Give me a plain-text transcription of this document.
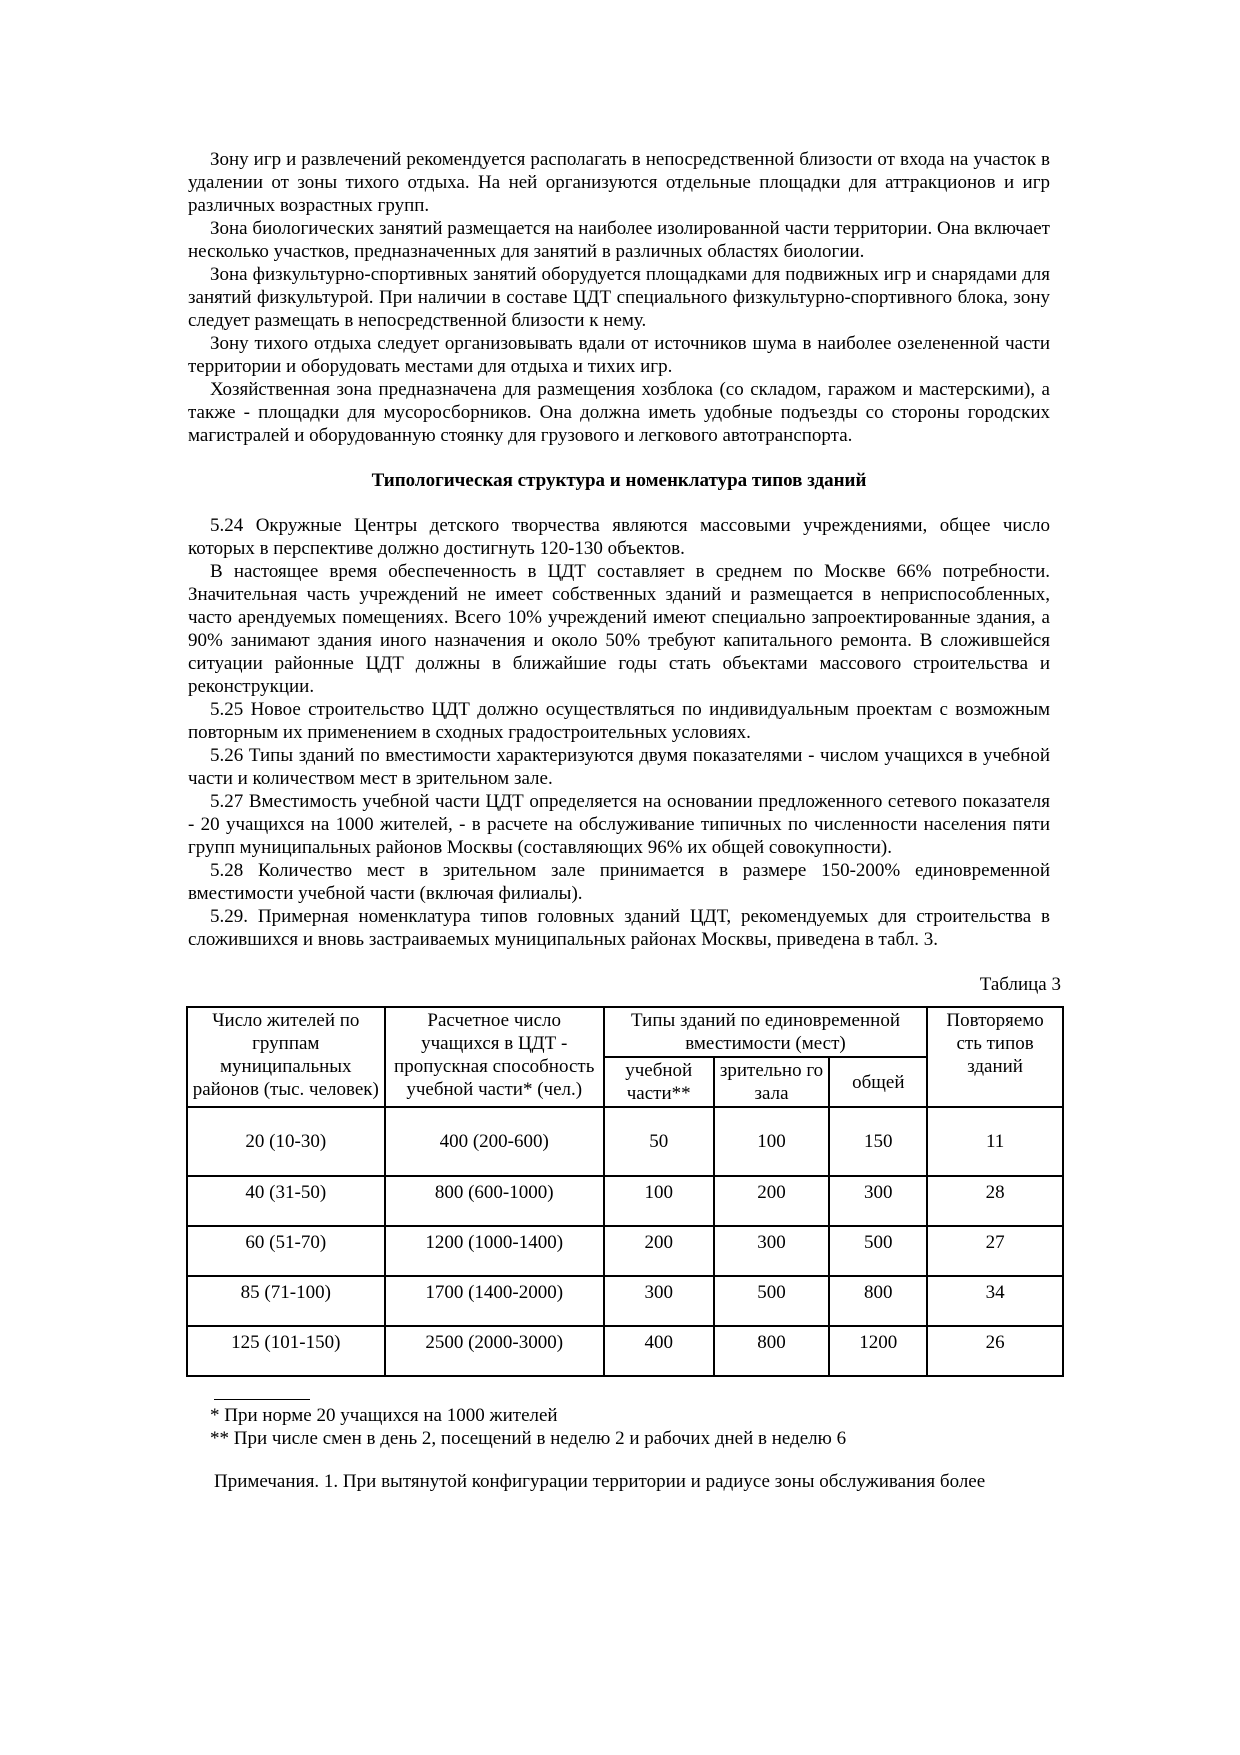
Зону игр и развлечений рекомендуется располагать в непосредственной близости от входа на участок в удалении от зоны тихого отдыха. На ней организуются отдельные площадки для аттракционов и игр различных возрастных групп.

Зона биологических занятий размещается на наиболее изолированной части территории. Она включает несколько участков, предназначенных для занятий в различных областях биологии.

Зона физкультурно-спортивных занятий оборудуется площадками для подвижных игр и снарядами для занятий физкультурой. При наличии в составе ЦДТ специального физкультурно-спортивного блока, зону следует размещать в непосредственной близости к нему.

Зону тихого отдыха следует организовывать вдали от источников шума в наиболее озелененной части территории и оборудовать местами для отдыха и тихих игр.

Хозяйственная зона предназначена для размещения хозблока (со складом, гаражом и мастерскими), а также - площадки для мусоросборников. Она должна иметь удобные подъезды со стороны городских магистралей и оборудованную стоянку для грузового и легкового автотранспорта.

Типологическая структура и номенклатура типов зданий

5.24 Окружные Центры детского творчества являются массовыми учреждениями, общее число которых в перспективе должно достигнуть 120-130 объектов.

В настоящее время обеспеченность в ЦДТ составляет в среднем по Москве 66% потребности. Значительная часть учреждений не имеет собственных зданий и размещается в неприспособленных, часто арендуемых помещениях. Всего 10% учреждений имеют специально запроектированные здания, а 90% занимают здания иного назначения и около 50% требуют капитального ремонта. В сложившейся ситуации районные ЦДТ должны в ближайшие годы стать объектами массового строительства и реконструкции.

5.25 Новое строительство ЦДТ должно осуществляться по индивидуальным проектам с возможным повторным их применением в сходных градостроительных условиях.

5.26 Типы зданий по вместимости характеризуются двумя показателями - числом учащихся в учебной части и количеством мест в зрительном зале.

5.27 Вместимость учебной части ЦДТ определяется на основании предложенного сетевого показателя - 20 учащихся на 1000 жителей, - в расчете на обслуживание типичных по численности населения пяти групп муниципальных районов Москвы (составляющих 96% их общей совокупности).

5.28 Количество мест в зрительном зале принимается в размере 150-200% единовременной вместимости учебной части (включая филиалы).

5.29. Примерная номенклатура типов головных зданий ЦДТ, рекомендуемых для строительства в сложившихся и вновь застраиваемых муниципальных районах Москвы, приведена в табл. 3.

Таблица 3
Число жителей по группам муниципальных районов (тыс. человек)	Расчетное число учащихся в ЦДТ - пропускная способность учебной части* (чел.)	Типы зданий по единовременной вместимости (мест)			Повторяемо сть типов зданий
		учебной части**	зрительно го зала	общей	
20 (10-30)	400 (200-600)	50	100	150	11
40 (31-50)	800 (600-1000)	100	200	300	28
60 (51-70)	1200 (1000-1400)	200	300	500	27
85 (71-100)	1700 (1400-2000)	300	500	800	34
125 (101-150)	2500 (2000-3000)	400	800	1200	26

* При норме 20 учащихся на 1000 жителей

** При числе смен в день 2, посещений в неделю 2 и рабочих дней в неделю 6

Примечания. 1. При вытянутой конфигурации территории и радиусе зоны обслуживания более
